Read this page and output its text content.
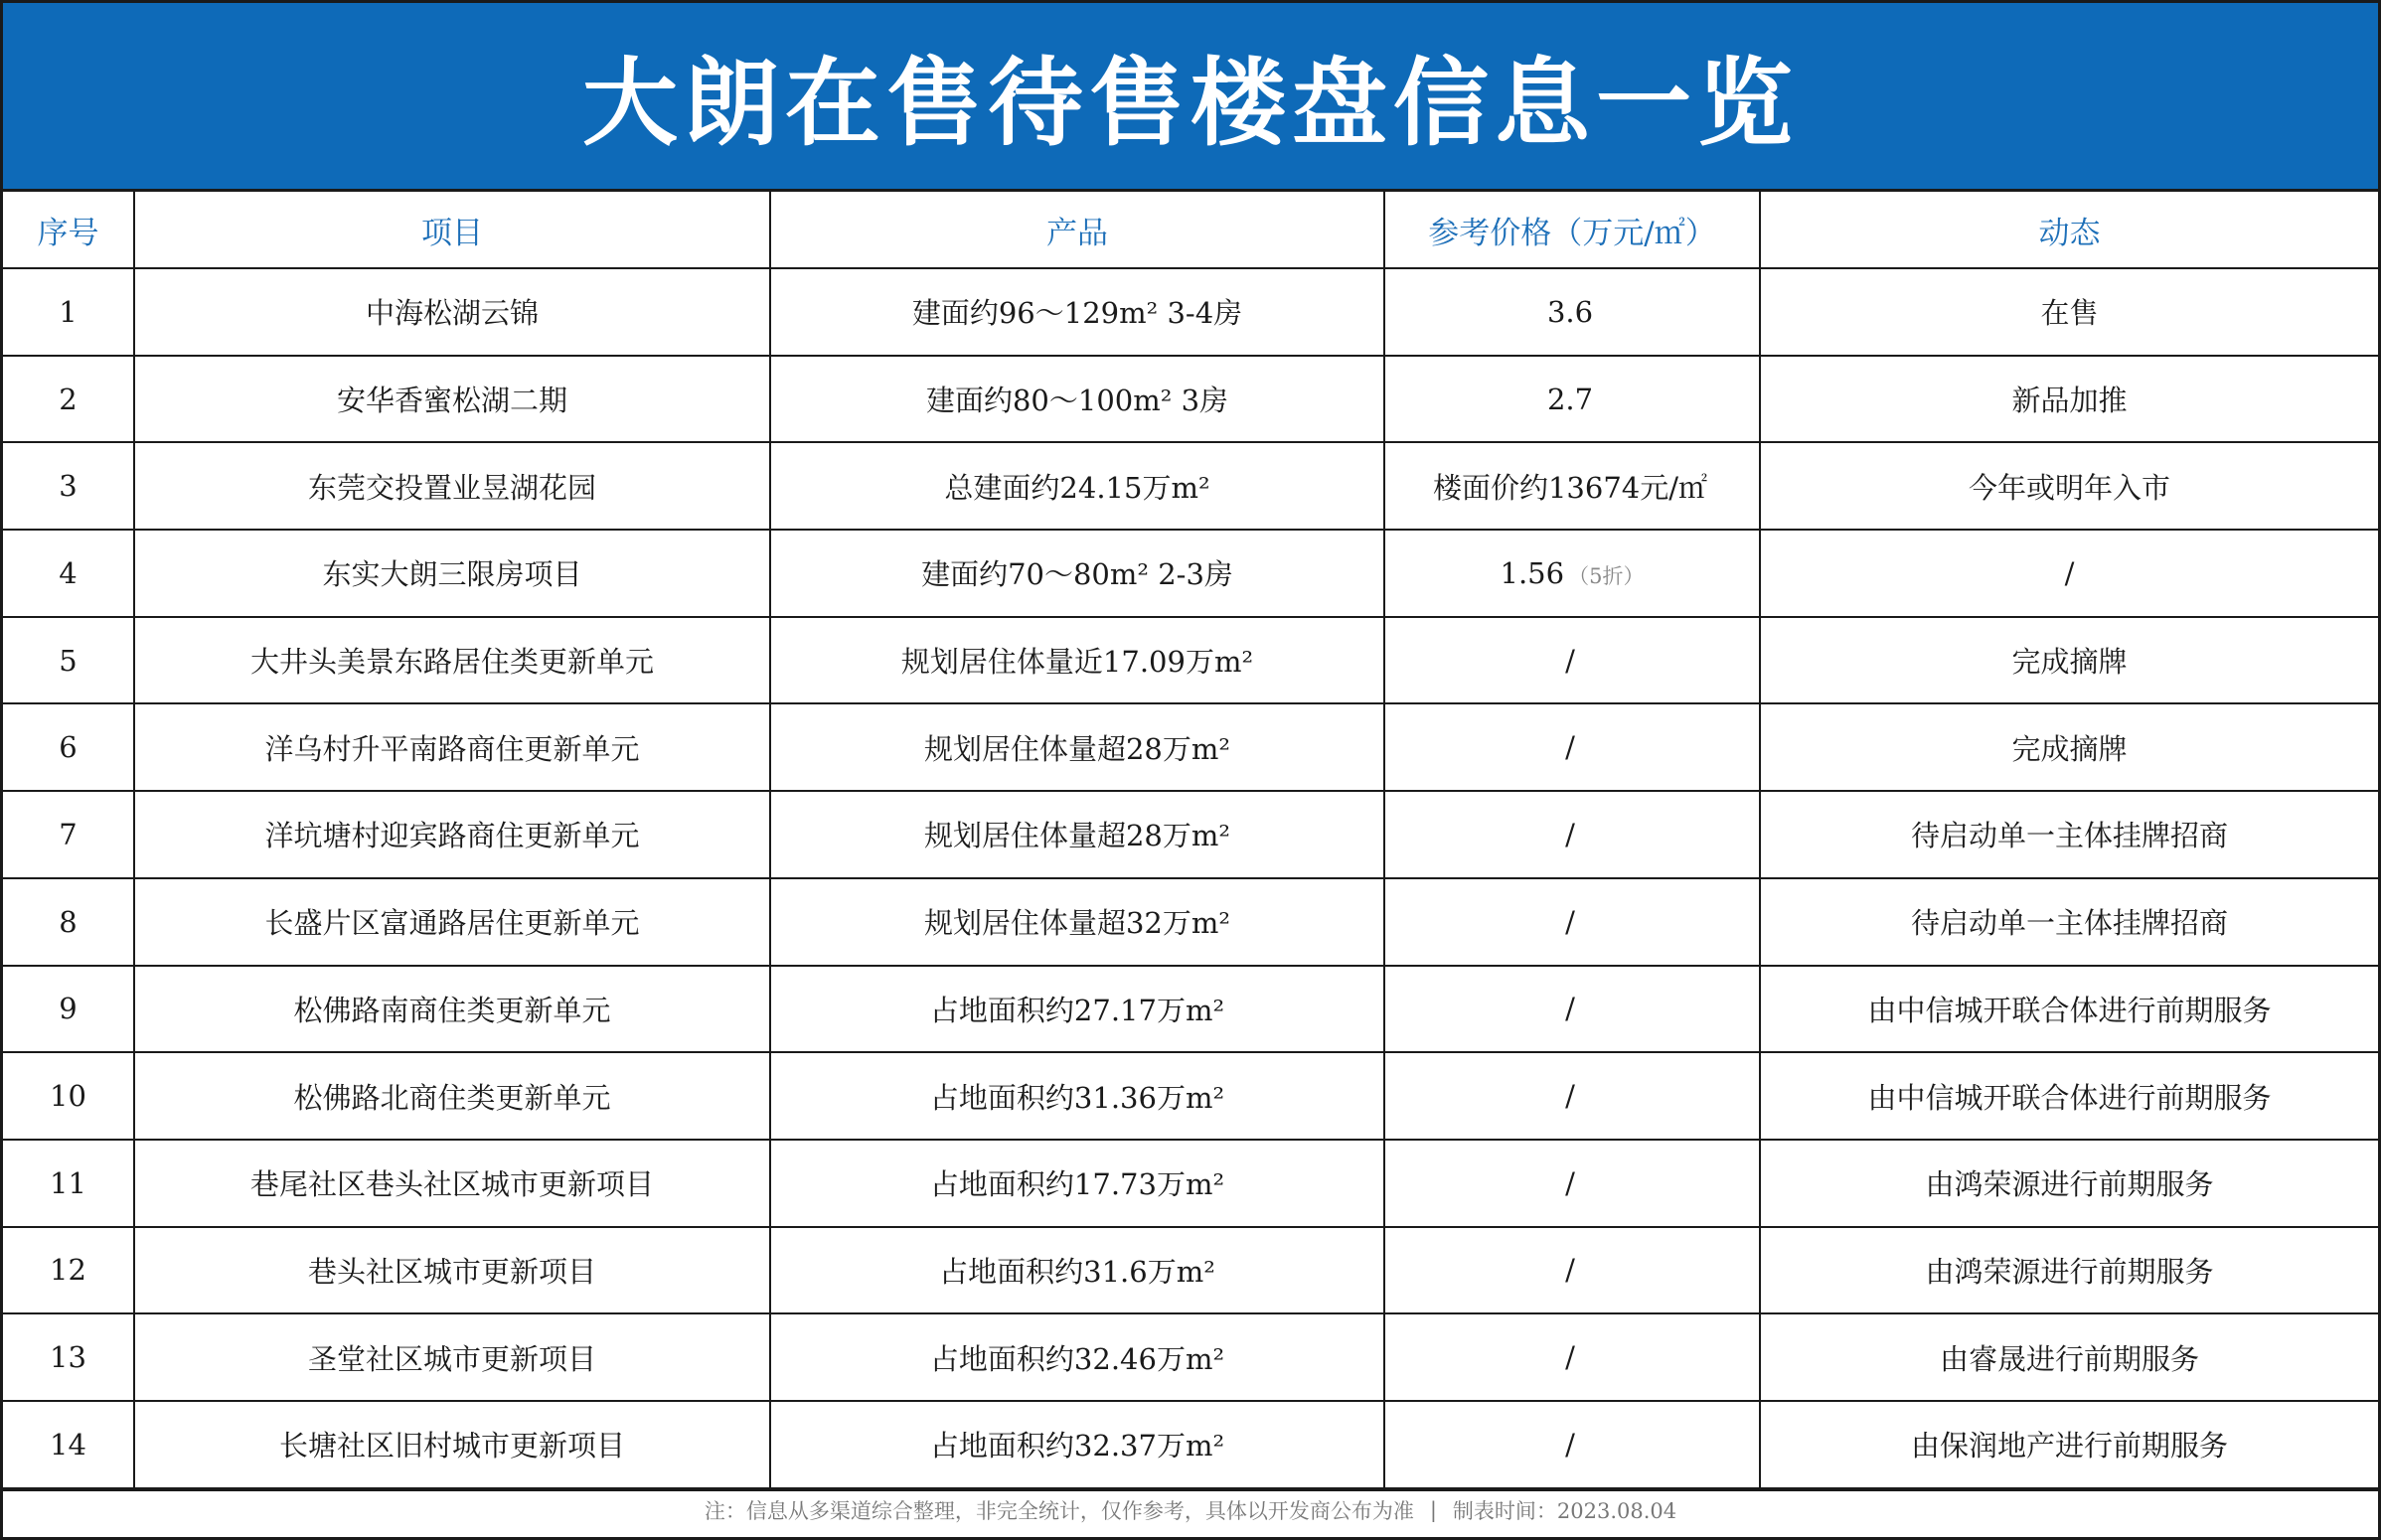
大朗在售待售楼盘信息一览
序号	项目	产品	参考价格（万元/㎡）	动态
1	中海松湖云锦	建面约96～129m² 3-4房	3.6	在售
2	安华香蜜松湖二期	建面约80～100m² 3房	2.7	新品加推
3	东莞交投置业昱湖花园	总建面约24.15万m²	楼面价约13674元/㎡	今年或明年入市
4	东实大朗三限房项目	建面约70～80m² 2-3房	1.56 （5折）	/
5	大井头美景东路居住类更新单元	规划居住体量近17.09万m²	/	完成摘牌
6	洋乌村升平南路商住更新单元	规划居住体量超28万m²	/	完成摘牌
7	洋坑塘村迎宾路商住更新单元	规划居住体量超28万m²	/	待启动单一主体挂牌招商
8	长盛片区富通路居住更新单元	规划居住体量超32万m²	/	待启动单一主体挂牌招商
9	松佛路南商住类更新单元	占地面积约27.17万m²	/	由中信城开联合体进行前期服务
10	松佛路北商住类更新单元	占地面积约31.36万m²	/	由中信城开联合体进行前期服务
11	巷尾社区巷头社区城市更新项目	占地面积约17.73万m²	/	由鸿荣源进行前期服务
12	巷头社区城市更新项目	占地面积约31.6万m²	/	由鸿荣源进行前期服务
13	圣堂社区城市更新项目	占地面积约32.46万m²	/	由睿晟进行前期服务
14	长塘社区旧村城市更新项目	占地面积约32.37万m²	/	由保润地产进行前期服务
注：信息从多渠道综合整理，非完全统计，仅作参考，具体以开发商公布为准 | 制表时间：2023.08.04
